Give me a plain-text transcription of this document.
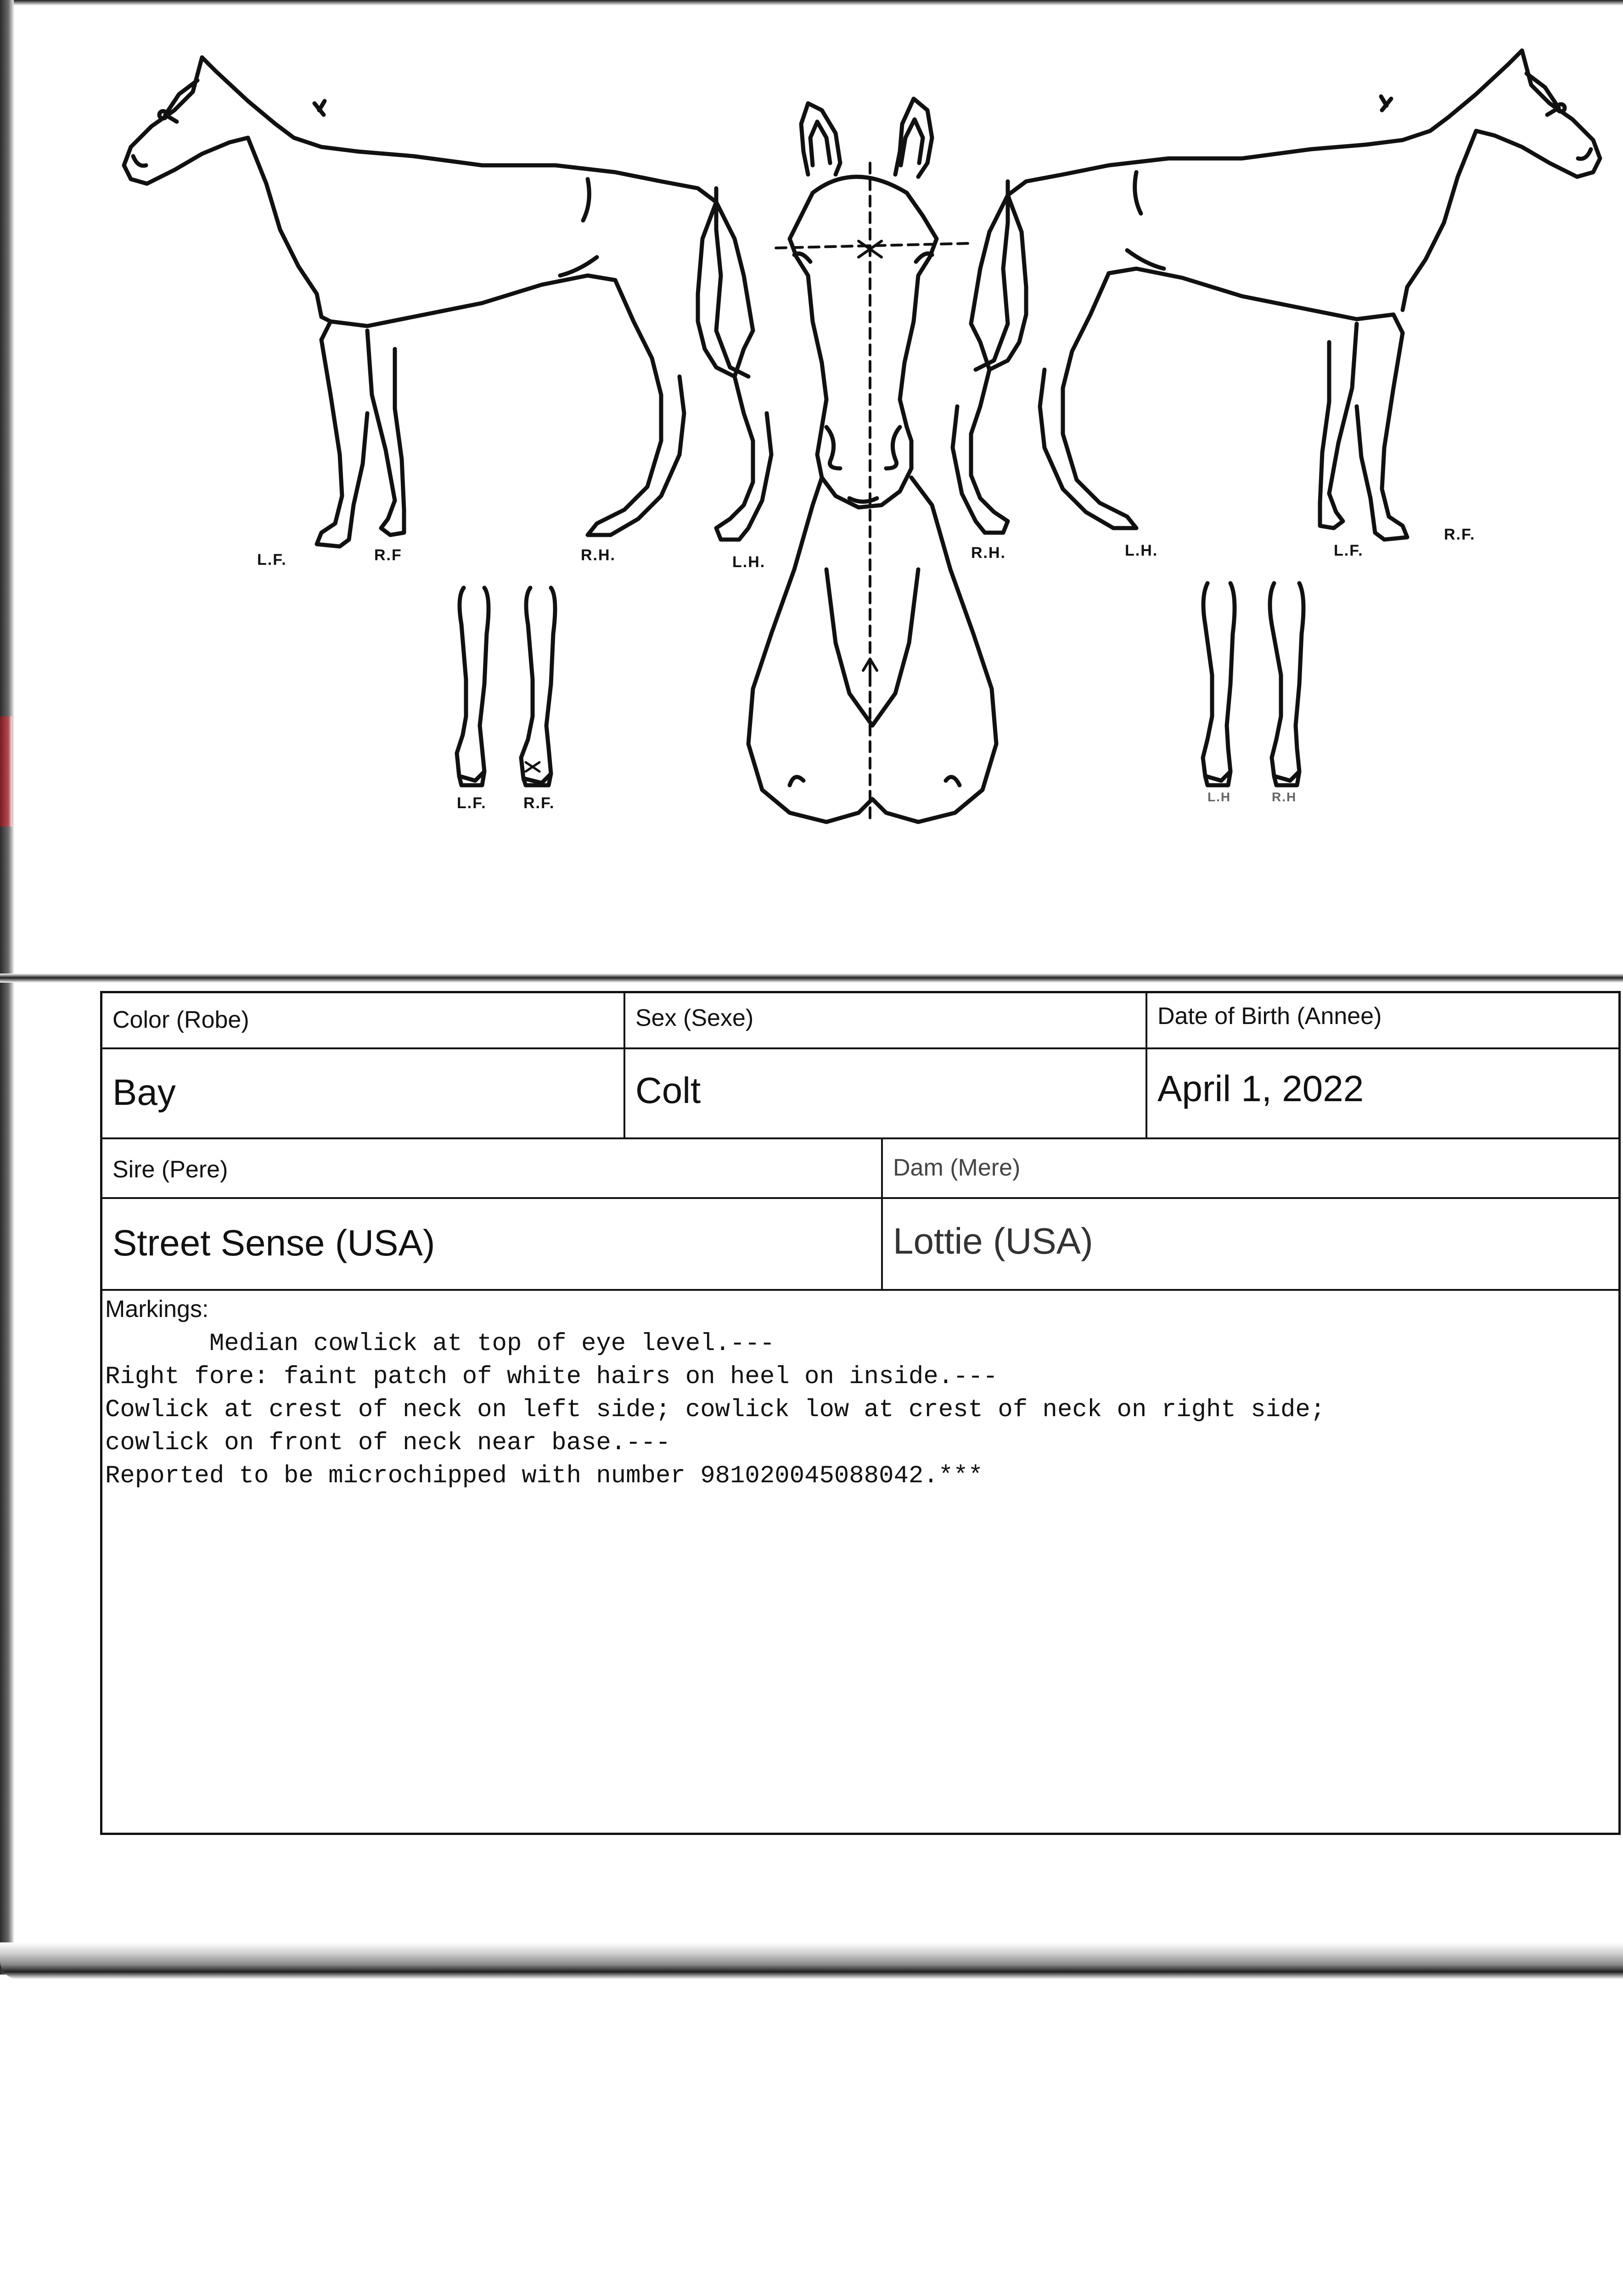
L.F.	R.F	R.H.	L.H.
R.H.	L.H.	L.F.
R.F.
L.F. R.F.	L.H	R.H
Color (Robe)	Sex (Sexe)	Date of Birth (Annee)
Bay	Colt	April 1, 2022
Sire (Pere)	Dam (Mere)
Street Sense (USA)	Lottie (USA)
Markings:
Median cowlick at top of eye level.---
Right fore: faint patch of white hairs on heel on inside.---
Cowlick at crest of neck on left side; cowlick low at crest of neck on right side;
cowlick on front of neck near base.---
Reported to be microchipped with number 981020045088042.***
